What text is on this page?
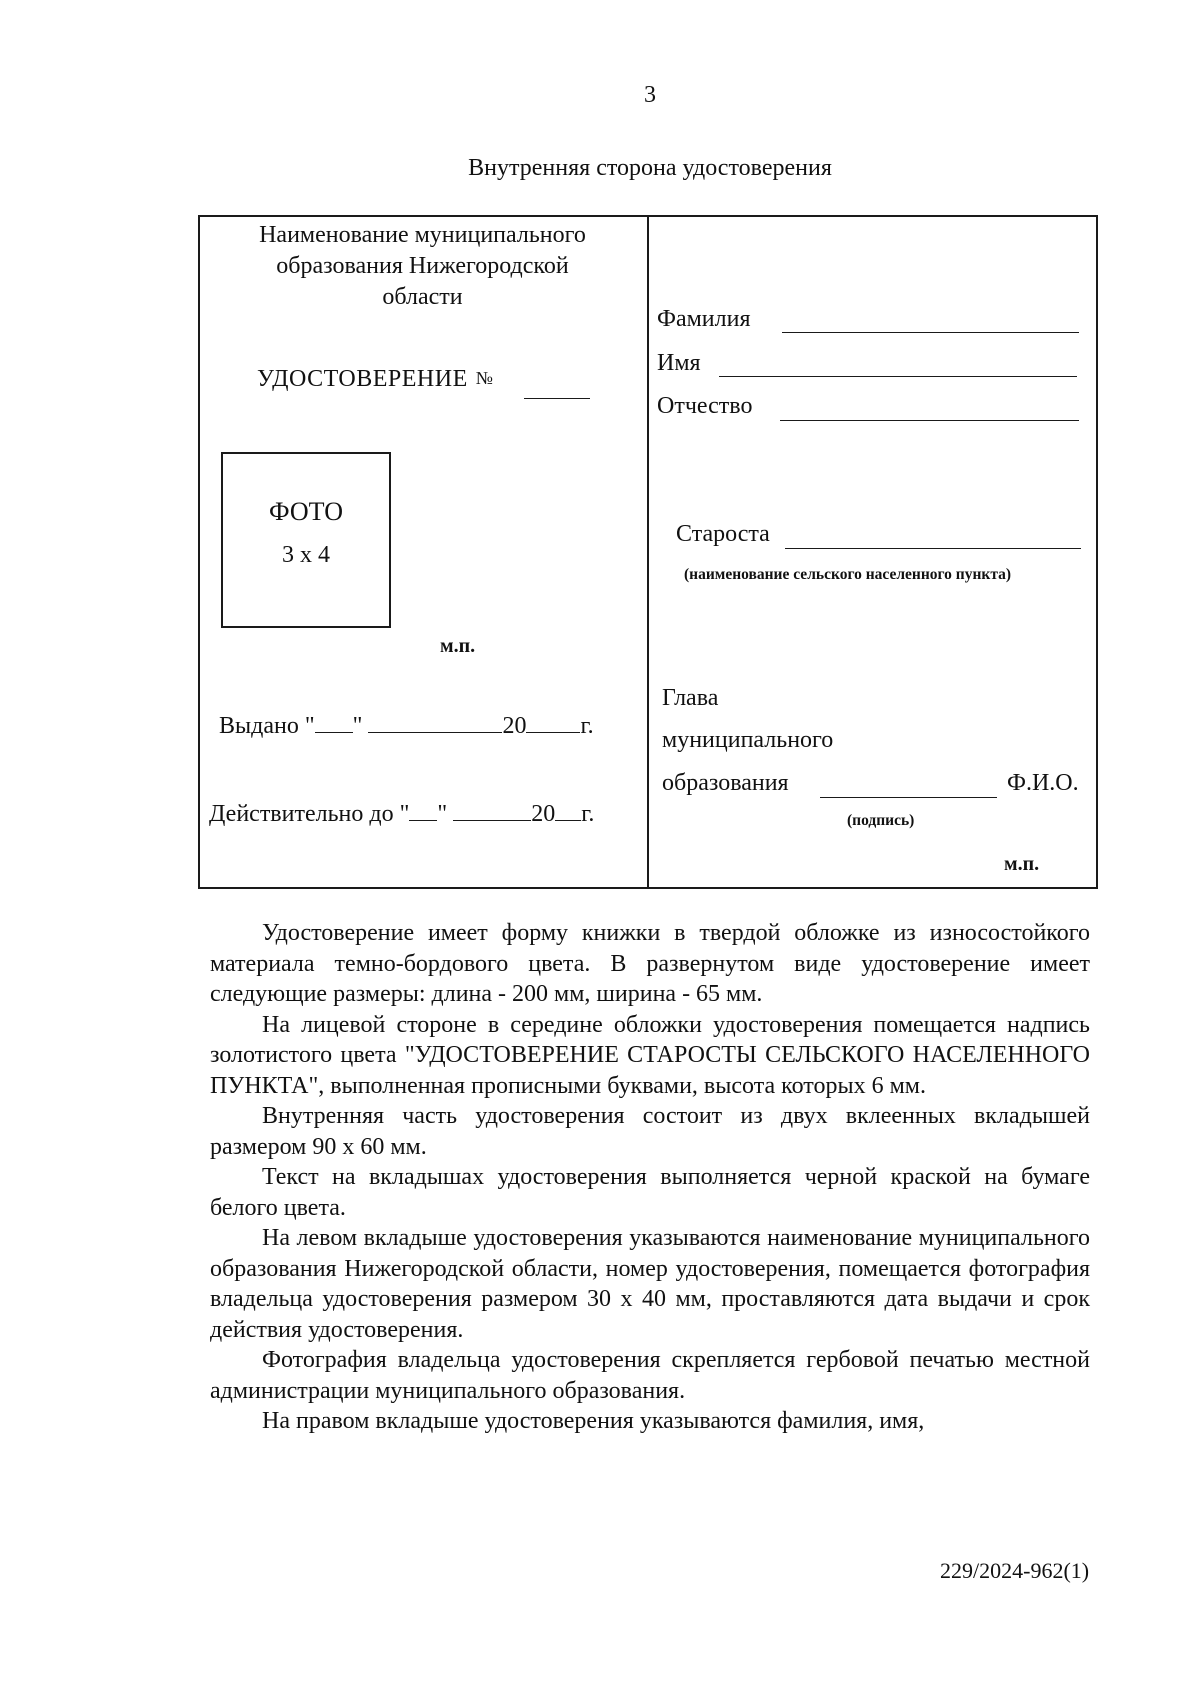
3
Внутренняя сторона удостоверения
Наименование муниципального
образования Нижегородской
области
УДОСТОВЕРЕНИЕ №
ФОТО
3 х 4
м.п.
Выдано " "	20 г.
Действительно до " "	20 г.
Фамилия
Имя
Отчество
Староста
(наименование сельского населенного пункта)
Глава
муниципального
образования	Ф.И.О.
(подпись)
м.п.

Удостоверение имеет форму книжки в твердой обложке из износостойкого материала темно-бордового цвета. В развернутом виде удостоверение имеет следующие размеры: длина - 200 мм, ширина - 65 мм.

На лицевой стороне в середине обложки удостоверения помещается надпись золотистого цвета "УДОСТОВЕРЕНИЕ СТАРОСТЫ СЕЛЬСКОГО НАСЕЛЕННОГО ПУНКТА", выполненная прописными буквами, высота которых 6 мм.

Внутренняя часть удостоверения состоит из двух вклеенных вкладышей размером 90 х 60 мм.

Текст на вкладышах удостоверения выполняется черной краской на бумаге белого цвета.

На левом вкладыше удостоверения указываются наименование муниципального образования Нижегородской области, номер удостоверения, помещается фотография владельца удостоверения размером 30 х 40 мм, проставляются дата выдачи и срок действия удостоверения.

Фотография владельца удостоверения скрепляется гербовой печатью местной администрации муниципального образования.

На правом вкладыше удостоверения указываются фамилия, имя,

229/2024-962(1)
